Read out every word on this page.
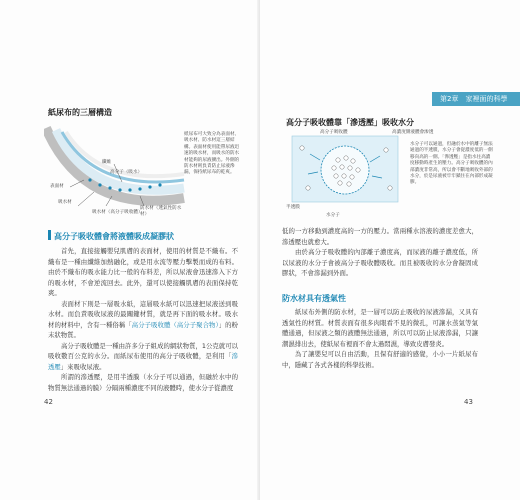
紙尿布的三層構造
纖維
高分子（吸水）
表面材
吸水材
吸水材（高分子吸收體）
防水材（透氣性防水材）
紙尿布可大致分為表面材、吸水材、防水材這三層結構。表面材使用能帶尿液迅速的吸水材，而吸水的防水材能夠的尿液擴出。外側的防水材則負責防止尿液滲漏，保持紙尿布的乾爽。
高分子吸收體會將液體吸成凝膠狀

首先，直接接觸嬰兒肌膚的表面材，使用的材質是不織布。不織布是一種由纖維加熱融化，或是用水流等壓力擊製而成的布料。由於不織布的吸水能力比一般的布料差，所以尿液會迅速滲入下方的吸水材，不會逆流回去。此外，還可以使接觸肌膚的表面保持乾爽。

表面材下則是一層吸水紙，這層吸水紙可以迅速把尿液送到吸水材。而負責吸收尿液的最關鍵材質，就是再下面的吸水材。吸水材的材料中，含有一種俗稱「高分子吸收體（高分子聚合物）」的粉末狀物質。

高分子吸收體是一種由許多分子組成的網狀物質，1公克就可以吸收數百公克的水分。而紙尿布使用的高分子吸收體，是利用「滲透壓」來吸收尿液。

所謂的滲透壓，是用半透膜（水分子可以通過，但融於水中的物質無法通過的膜）分隔兩種濃度不同的液體時，使水分子從濃度

42
第2章　家裡面的科學
高分子吸收體靠「滲透壓」吸收水分
高分子吸收體
半透膜
水分子
高濃度側液體會渗透
水分子可以通過，但融於水中的離子無法通過的半透膜，水分子會從濃度低的一側移向高的一側。「滲透壓」是指水往高濃度移動時產生的壓力。高分子吸收體的內部濃度非常高，所以會不斷地吸收外部的水分，於是尿液被牢牢鎖住在內部形成凝膠。

低的一方移動到濃度高的一方的壓力。當兩種水溶液的濃度差愈大，滲透壓也就愈大。

由於高分子吸收體的內部離子濃度高，而尿液的離子濃度低，所以尿液的水分子會被高分子吸收體吸收。而且被吸收的水分會凝固成膠狀，不會滲漏到外面。

防水材具有透氣性

紙尿布外側的防水材，是一層可以防止吸收的尿液滲漏，又具有透氣性的材質。材質表面有很多肉眼看不見的微孔，可讓水蒸氣等氣體通過，但尿液之類的液體無法通過，所以可以防止尿液滲漏，只讓潮濕排出去，使紙尿布裡面不會太過悶濕，導致皮膚發炎。

為了讓嬰兒可以自由活動，且保有舒適的感覺，小小一片紙尿布中，隱藏了各式各樣的科學技術。

43
